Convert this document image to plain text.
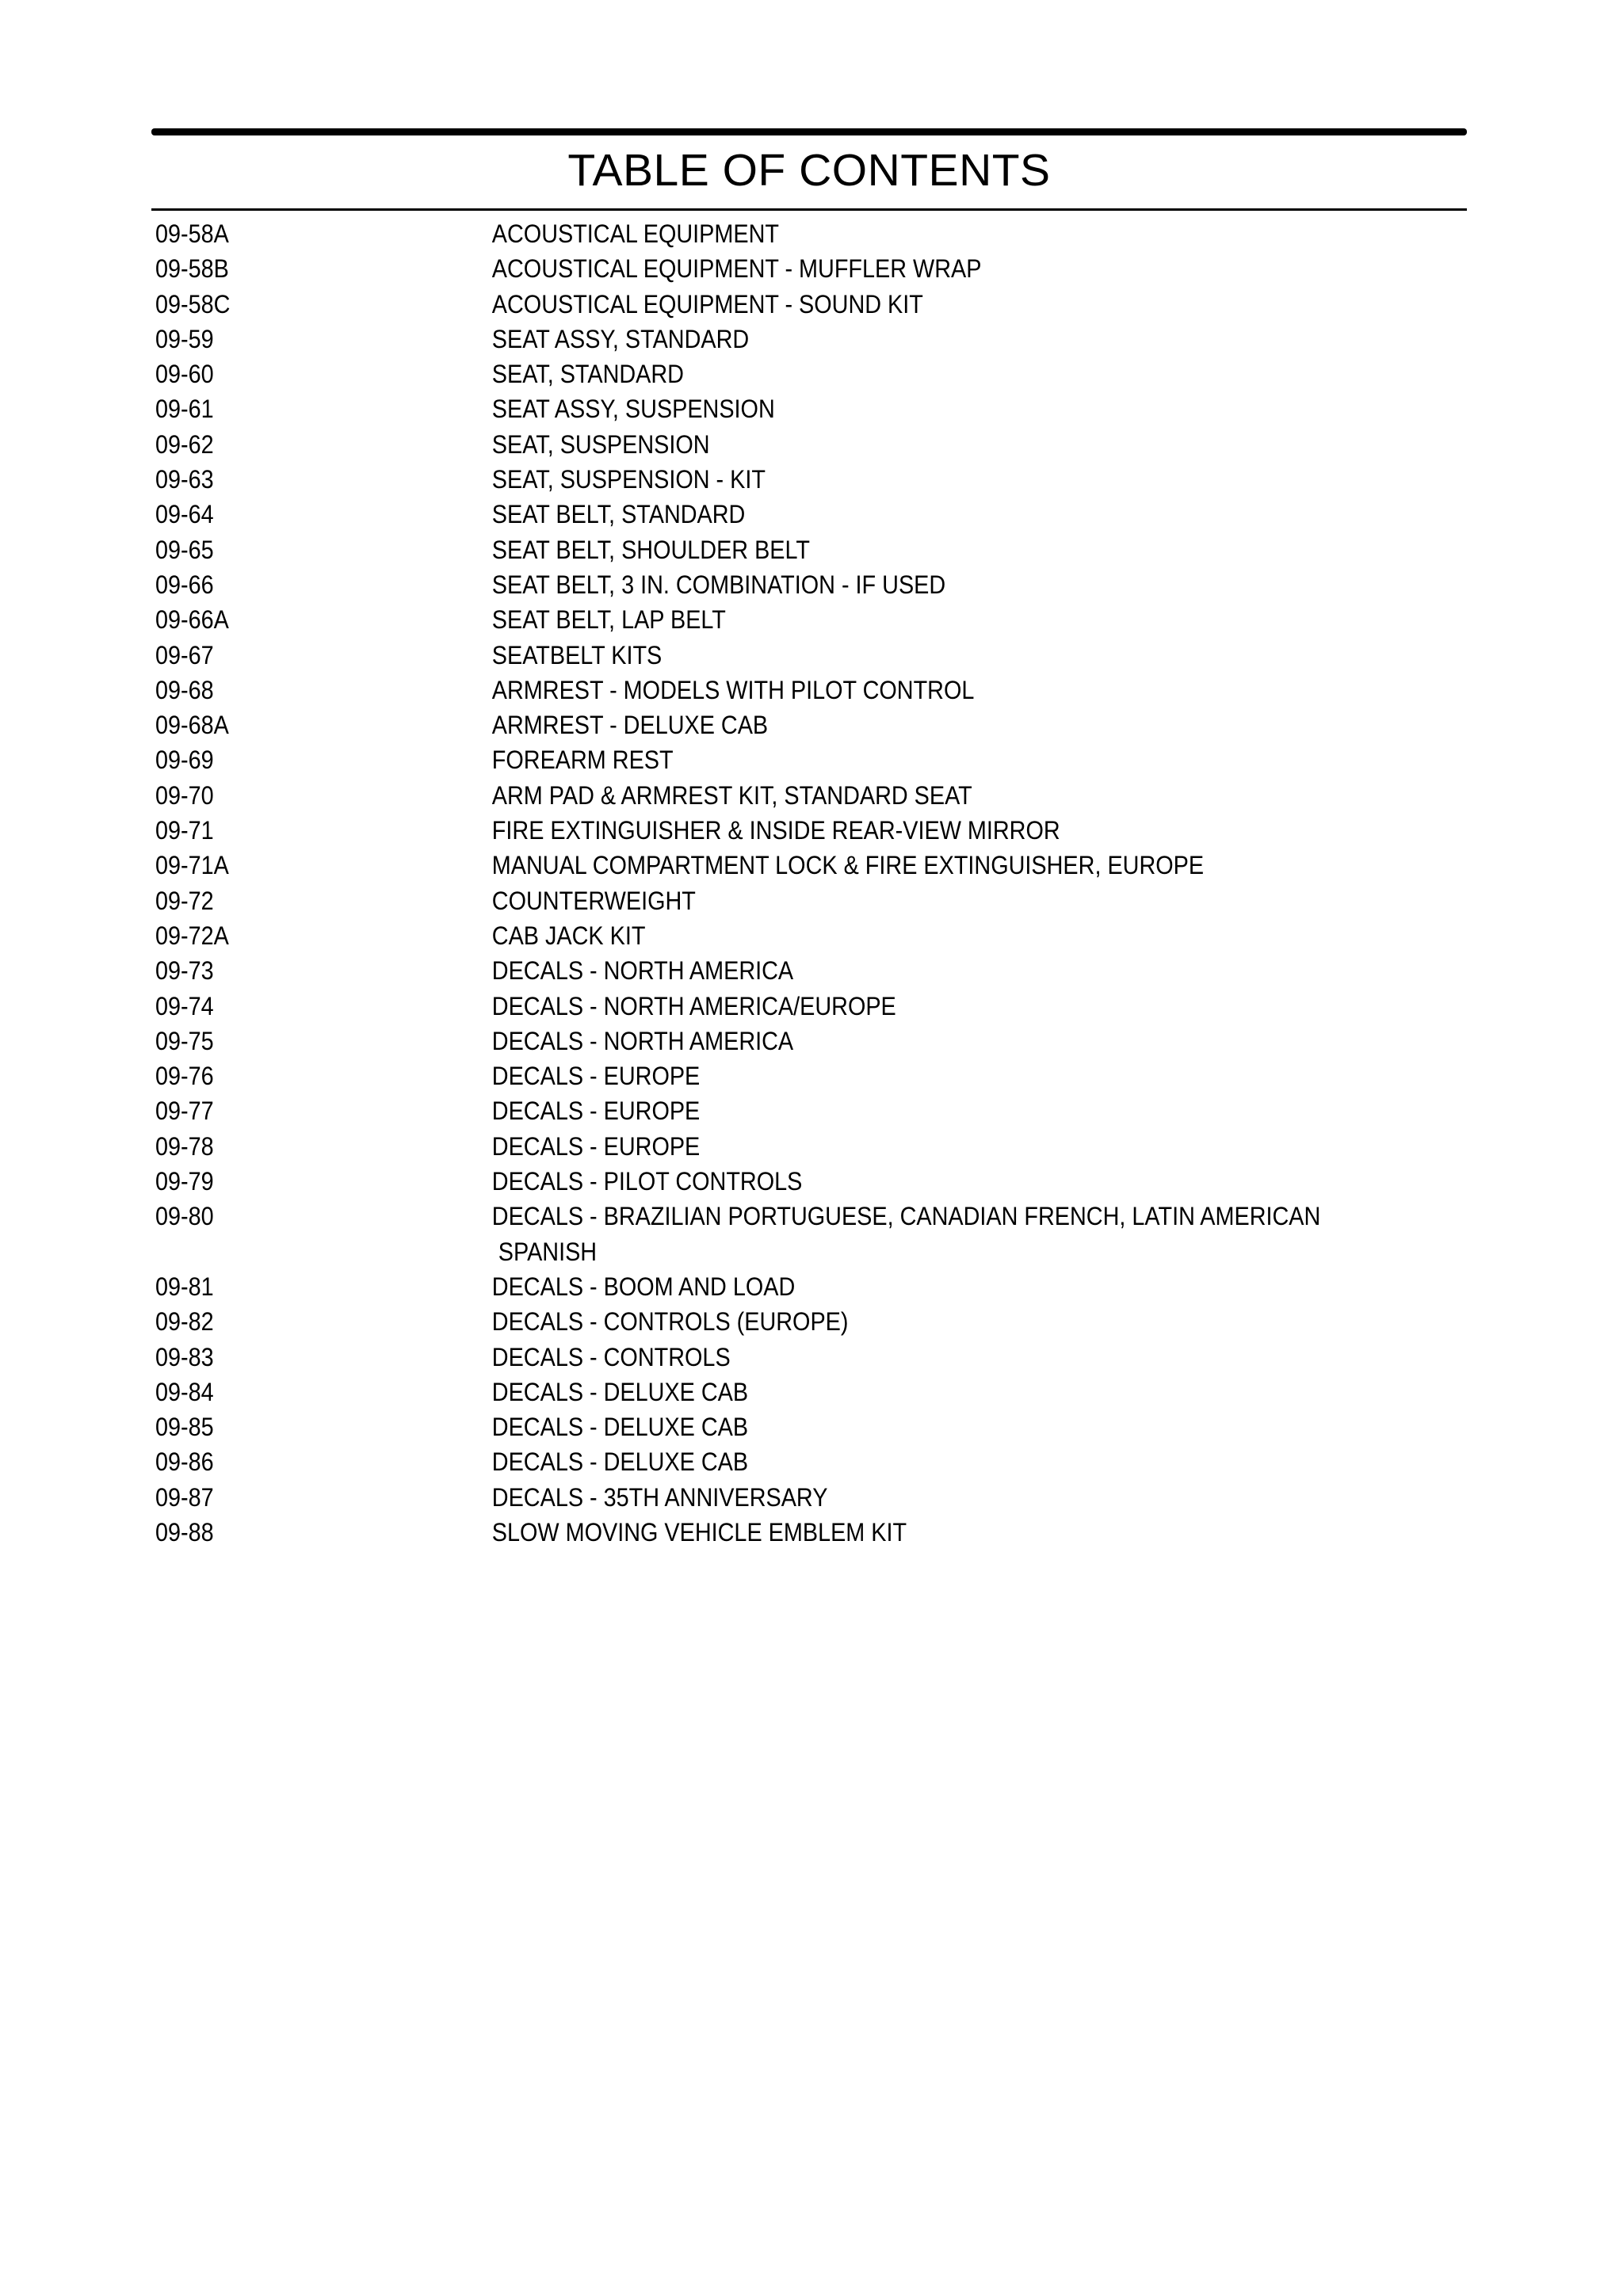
TABLE OF CONTENTS
09-58A	ACOUSTICAL EQUIPMENT
09-58B	ACOUSTICAL EQUIPMENT - MUFFLER WRAP
09-58C	ACOUSTICAL EQUIPMENT - SOUND KIT
09-59	SEAT ASSY, STANDARD
09-60	SEAT, STANDARD
09-61	SEAT ASSY, SUSPENSION
09-62	SEAT, SUSPENSION
09-63	SEAT, SUSPENSION - KIT
09-64	SEAT BELT, STANDARD
09-65	SEAT BELT, SHOULDER BELT
09-66	SEAT BELT, 3 IN. COMBINATION - IF USED
09-66A	SEAT BELT, LAP BELT
09-67	SEATBELT KITS
09-68	ARMREST - MODELS WITH PILOT CONTROL
09-68A	ARMREST - DELUXE CAB
09-69	FOREARM REST
09-70	ARM PAD & ARMREST KIT, STANDARD SEAT
09-71	FIRE EXTINGUISHER & INSIDE REAR-VIEW MIRROR
09-71A	MANUAL COMPARTMENT LOCK & FIRE EXTINGUISHER, EUROPE
09-72	COUNTERWEIGHT
09-72A	CAB JACK KIT
09-73	DECALS - NORTH AMERICA
09-74	DECALS - NORTH AMERICA/EUROPE
09-75	DECALS - NORTH AMERICA
09-76	DECALS - EUROPE
09-77	DECALS - EUROPE
09-78	DECALS - EUROPE
09-79	DECALS - PILOT CONTROLS
09-80	DECALS - BRAZILIAN PORTUGUESE, CANADIAN FRENCH, LATIN AMERICAN
SPANISH
09-81	DECALS - BOOM AND LOAD
09-82	DECALS - CONTROLS (EUROPE)
09-83	DECALS - CONTROLS
09-84	DECALS - DELUXE CAB
09-85	DECALS - DELUXE CAB
09-86	DECALS - DELUXE CAB
09-87	DECALS - 35TH ANNIVERSARY
09-88	SLOW MOVING VEHICLE EMBLEM KIT
